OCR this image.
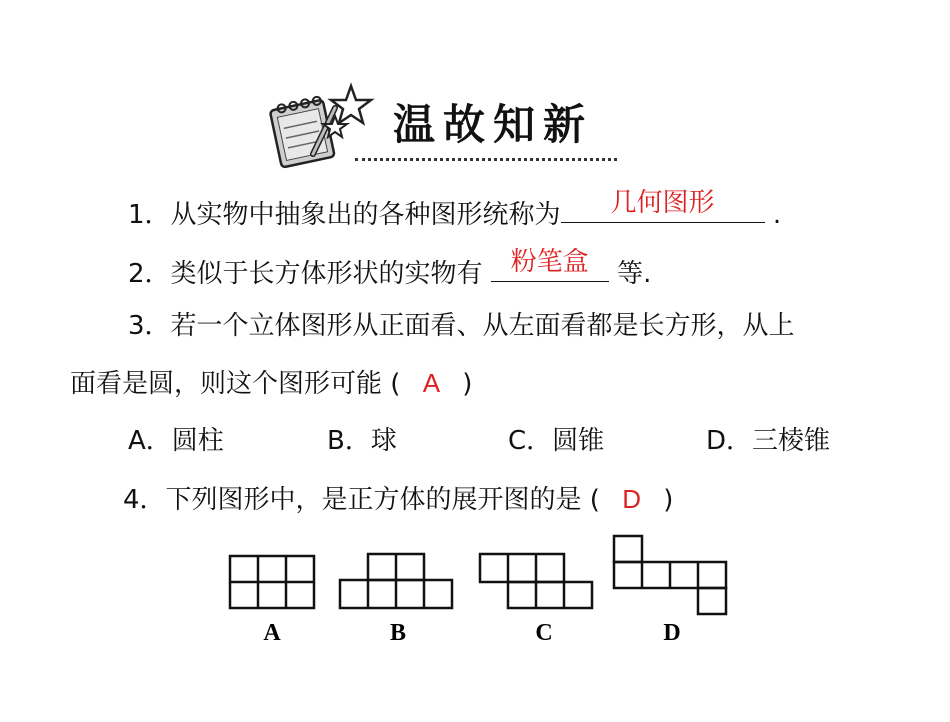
温故知新
1．从实物中抽象出的各种图形统称为	几何图形	.
2．类似于长方体形状的实物有	粉笔盒	等.
3．若一个立体图形从正面看、从左面看都是长方形，从上
面看是圆，则这个图形可能 ( A )
A．圆柱	B．球	C．圆锥	D．三棱锥
4．下列图形中，是正方体的展开图的是 ( D )
A	B	C	D
